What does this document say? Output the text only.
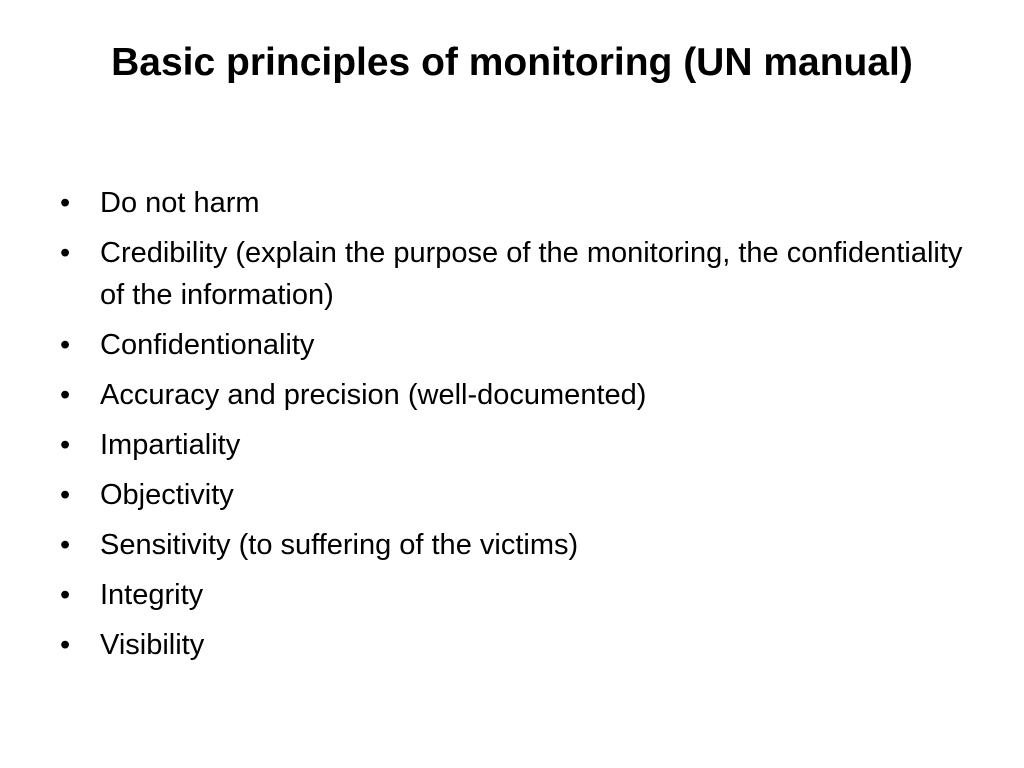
Basic principles of monitoring (UN manual)
• Do not harm
• Credibility (explain the purpose of the monitoring, the confidentiality of the information)
• Confidentionality
• Accuracy and precision (well-documented)
• Impartiality
• Objectivity
• Sensitivity (to suffering of the victims)
• Integrity
• Visibility
